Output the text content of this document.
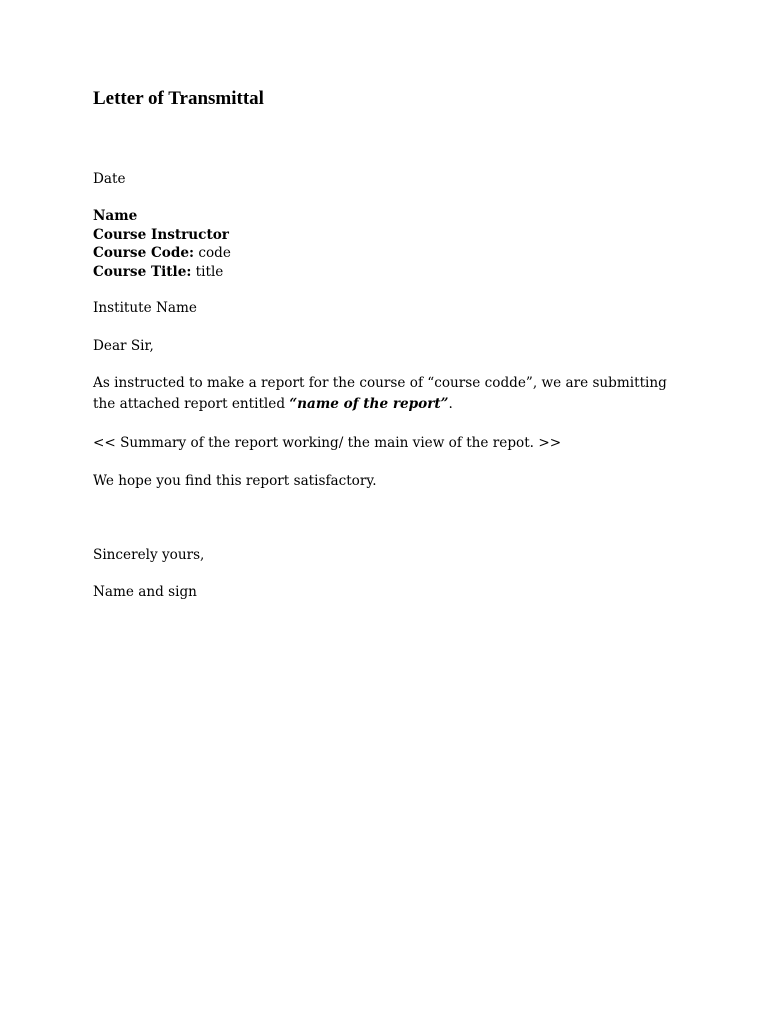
Letter of Transmittal
Date
Name
Course Instructor
Course Code: code
Course Title: title
Institute Name
Dear Sir,
As instructed to make a report for the course of “course codde”, we are submitting
the attached report entitled “name of the report”.
<< Summary of the report working/ the main view of the repot. >>
We hope you find this report satisfactory.
Sincerely yours,
Name and sign
